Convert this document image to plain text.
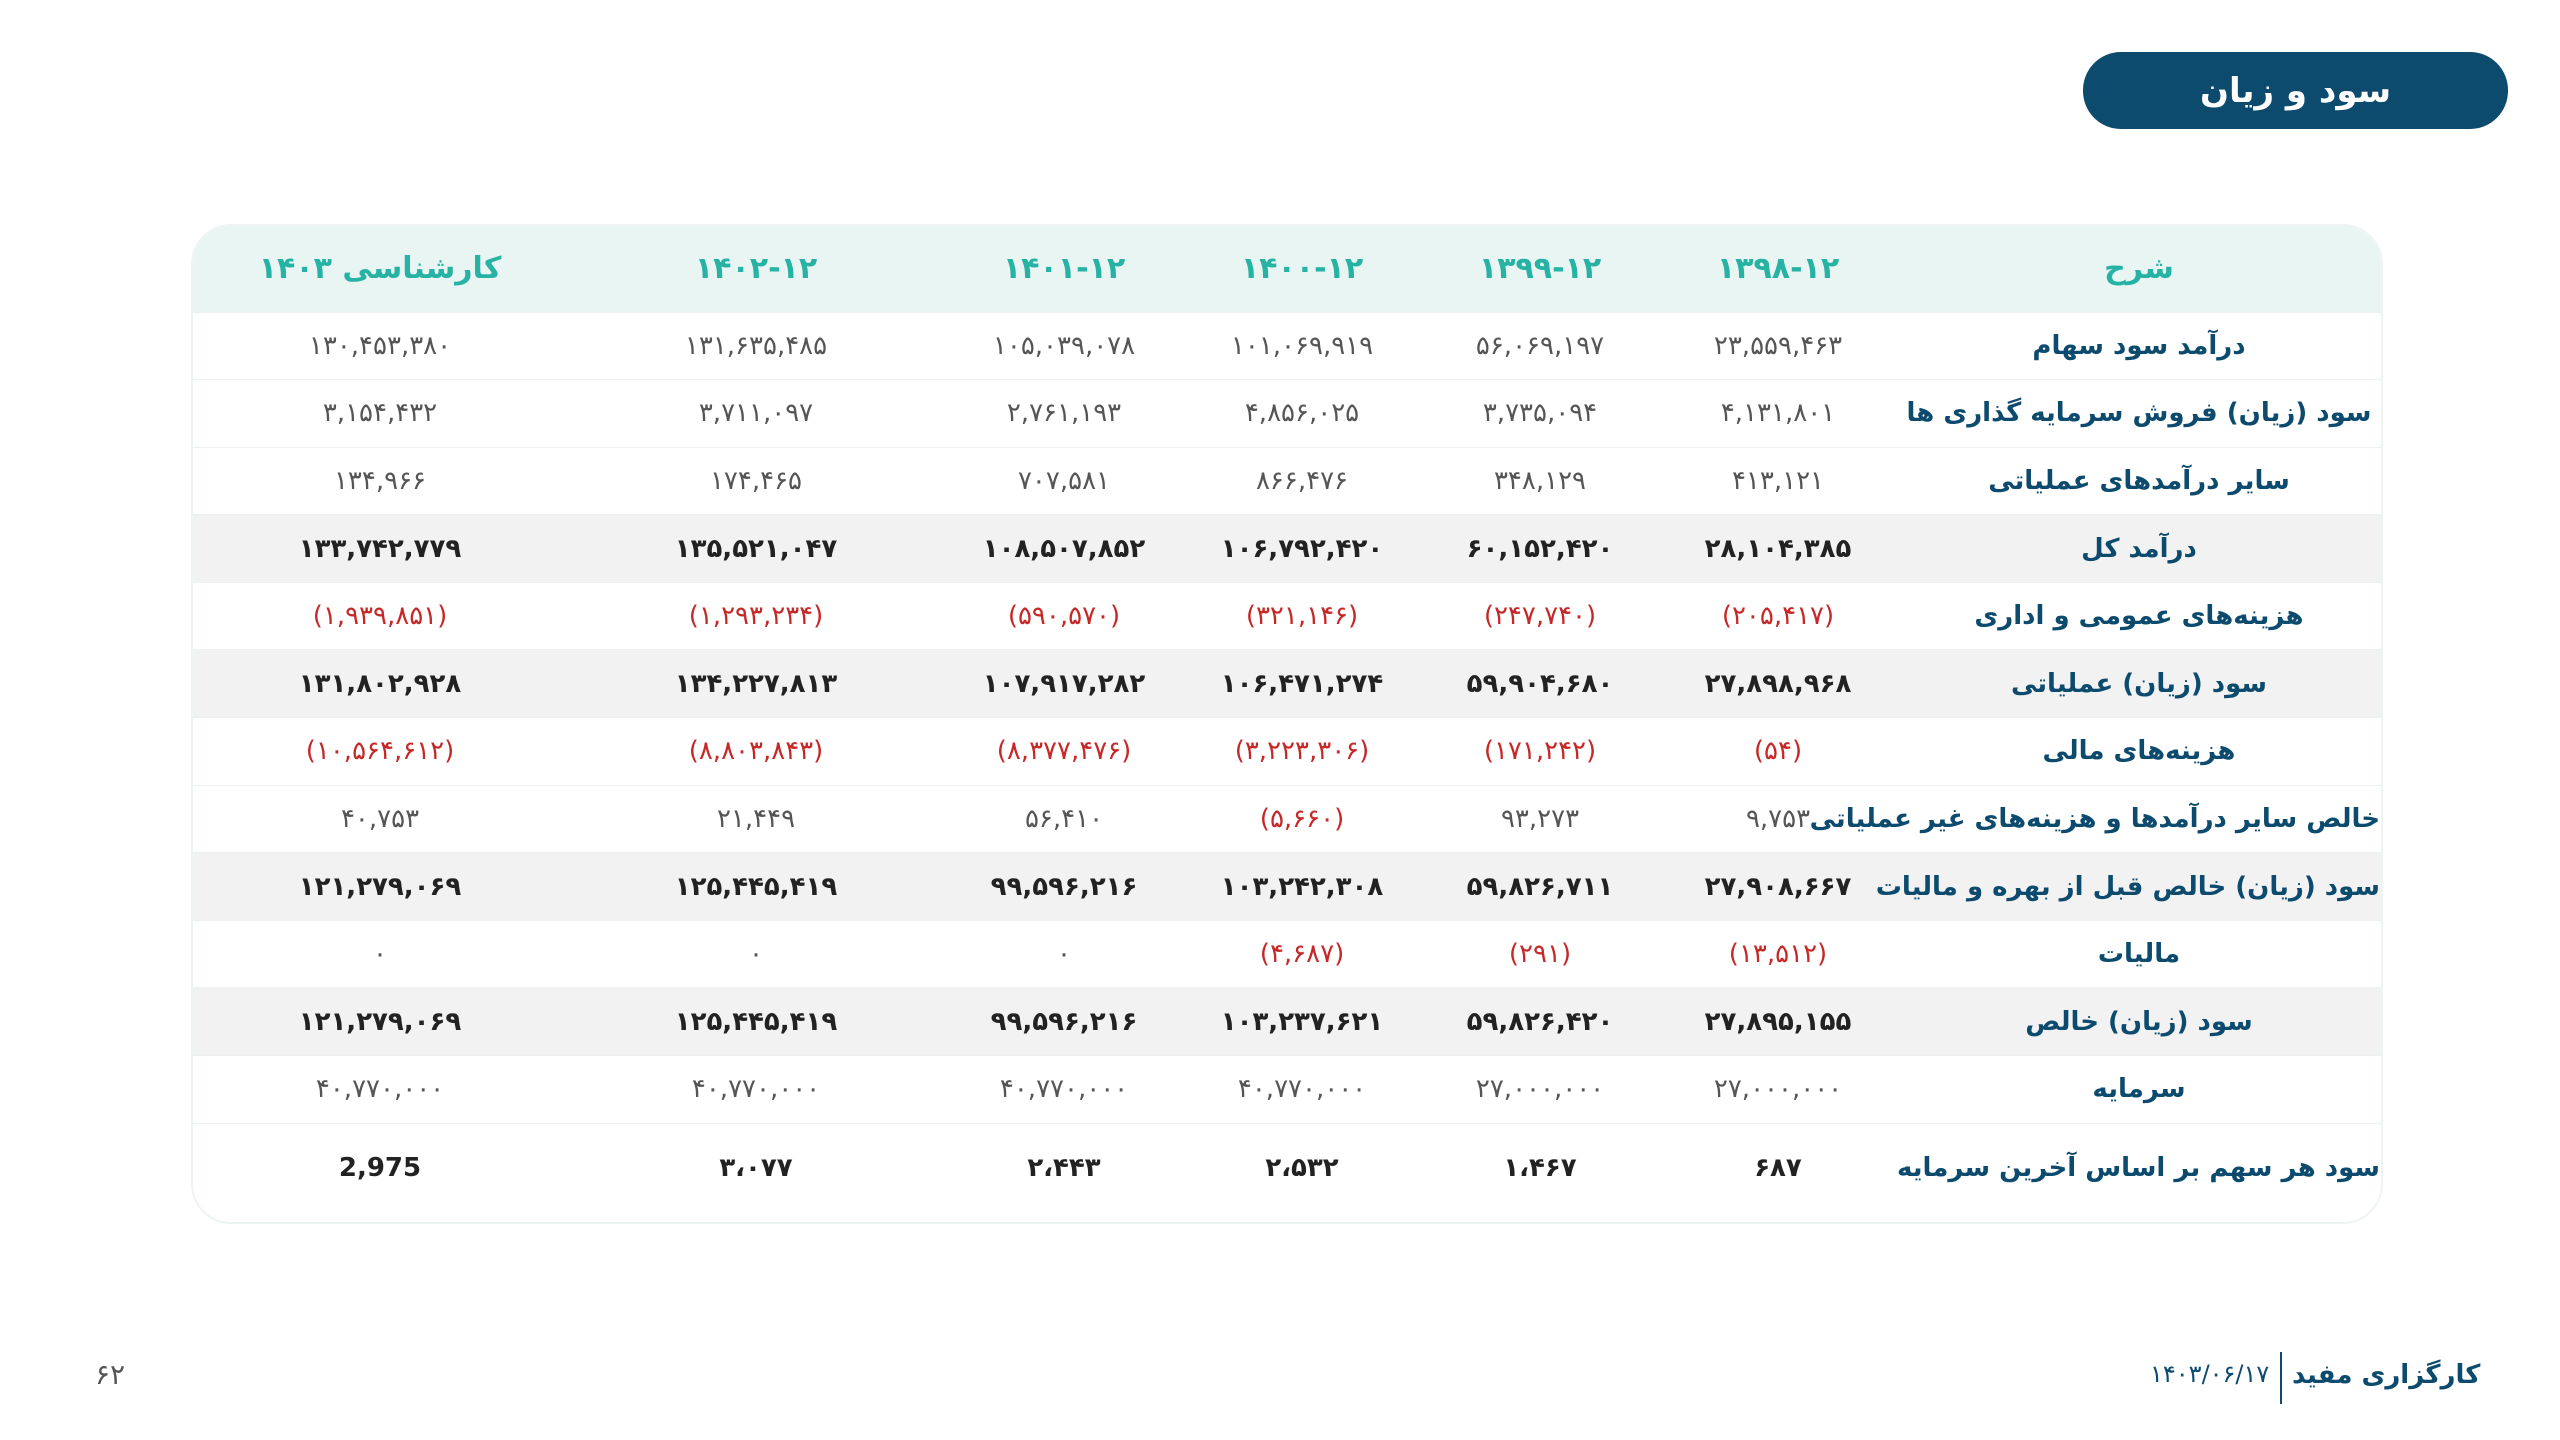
سود و زیان
شرح	۱۳۹۸-۱۲	۱۳۹۹-۱۲	۱۴۰۰-۱۲	۱۴۰۱-۱۲	۱۴۰۲-۱۲	کارشناسی ۱۴۰۳
درآمد سود سهام	۲۳,۵۵۹,۴۶۳	۵۶,۰۶۹,۱۹۷	۱۰۱,۰۶۹,۹۱۹	۱۰۵,۰۳۹,۰۷۸	۱۳۱,۶۳۵,۴۸۵	۱۳۰,۴۵۳,۳۸۰
سود (زیان) فروش سرمایه گذاری ها	۴,۱۳۱,۸۰۱	۳,۷۳۵,۰۹۴	۴,۸۵۶,۰۲۵	۲,۷۶۱,۱۹۳	۳,۷۱۱,۰۹۷	۳,۱۵۴,۴۳۲
سایر درآمدهای عملیاتی	۴۱۳,۱۲۱	۳۴۸,۱۲۹	۸۶۶,۴۷۶	۷۰۷,۵۸۱	۱۷۴,۴۶۵	۱۳۴,۹۶۶
درآمد کل	۲۸,۱۰۴,۳۸۵	۶۰,۱۵۲,۴۲۰	۱۰۶,۷۹۲,۴۲۰	۱۰۸,۵۰۷,۸۵۲	۱۳۵,۵۲۱,۰۴۷	۱۳۳,۷۴۲,۷۷۹
هزینه‌های عمومی و اداری	(۲۰۵,۴۱۷)	(۲۴۷,۷۴۰)	(۳۲۱,۱۴۶)	(۵۹۰,۵۷۰)	(۱,۲۹۳,۲۳۴)	(۱,۹۳۹,۸۵۱)
سود (زیان) عملیاتی	۲۷,۸۹۸,۹۶۸	۵۹,۹۰۴,۶۸۰	۱۰۶,۴۷۱,۲۷۴	۱۰۷,۹۱۷,۲۸۲	۱۳۴,۲۲۷,۸۱۳	۱۳۱,۸۰۲,۹۲۸
هزینه‌های مالی	(۵۴)	(۱۷۱,۲۴۲)	(۳,۲۲۳,۳۰۶)	(۸,۳۷۷,۴۷۶)	(۸,۸۰۳,۸۴۳)	(۱۰,۵۶۴,۶۱۲)
خالص سایر درآمدها و هزینه‌های غیر عملیاتی	۹,۷۵۳	۹۳,۲۷۳	(۵,۶۶۰)	۵۶,۴۱۰	۲۱,۴۴۹	۴۰,۷۵۳
سود (زیان) خالص قبل از بهره و مالیات	۲۷,۹۰۸,۶۶۷	۵۹,۸۲۶,۷۱۱	۱۰۳,۲۴۲,۳۰۸	۹۹,۵۹۶,۲۱۶	۱۲۵,۴۴۵,۴۱۹	۱۲۱,۲۷۹,۰۶۹
مالیات	(۱۳,۵۱۲)	(۲۹۱)	(۴,۶۸۷)	۰	۰	۰
سود (زیان) خالص	۲۷,۸۹۵,۱۵۵	۵۹,۸۲۶,۴۲۰	۱۰۳,۲۳۷,۶۲۱	۹۹,۵۹۶,۲۱۶	۱۲۵,۴۴۵,۴۱۹	۱۲۱,۲۷۹,۰۶۹
سرمایه	۲۷,۰۰۰,۰۰۰	۲۷,۰۰۰,۰۰۰	۴۰,۷۷۰,۰۰۰	۴۰,۷۷۰,۰۰۰	۴۰,۷۷۰,۰۰۰	۴۰,۷۷۰,۰۰۰
سود هر سهم بر اساس آخرین سرمایه	۶۸۷	۱،۴۶۷	۲،۵۳۲	۲،۴۴۳	۳،۰۷۷	2,975
۶۲	کارگزاری مفید
۱۴۰۳/۰۶/۱۷
